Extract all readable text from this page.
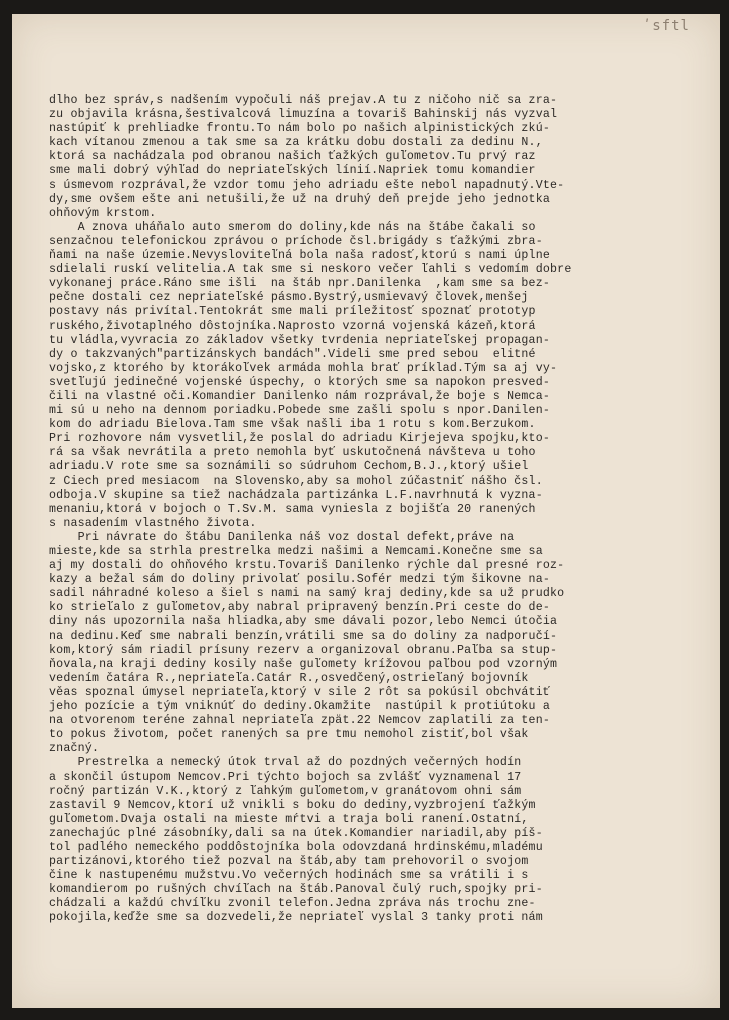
ʹsftl
dlho bez správ,s nadšením vypočuli náš prejav.A tu z ničoho nič sa zra-
zu objavila krásna,šestivalcová limuzína a tovariš Bahinskij nás vyzval
nastúpiť k prehliadke frontu.To nám bolo po našich alpinistických zkú-
kach vítanou zmenou a tak sme sa za krátku dobu dostali za dedinu N.,
ktorá sa nachádzala pod obranou našich ťažkých guľometov.Tu prvý raz
sme mali dobrý výhľad do nepriateľských línií.Napriek tomu komandier
s úsmevom rozprával,že vzdor tomu jeho adriadu ešte nebol napadnutý.Vte-
dy,sme ovšem ešte ani netušili,že už na druhý deň prejde jeho jednotka
ohňovým krstom.
A znova uháňalo auto smerom do doliny,kde nás na štábe čakali so
senzačnou telefonickou zprávou o príchode čsl.brigády s ťažkými zbra-
ňami na naše územie.Nevysloviteľná bola naša radosť,ktorú s nami úplne
sdielali ruskí velitelia.A tak sme si neskoro večer ľahli s vedomím dobre
vykonanej práce.Ráno sme išli  na štáb npr.Danilenka  ,kam sme sa bez-
pečne dostali cez nepriateľské pásmo.Bystrý,usmievavý človek,menšej
postavy nás privítal.Tentokrát sme mali príležitosť spoznať prototyp
ruského,životaplného dôstojníka.Naprosto vzorná vojenská kázeň,ktorá
tu vládla,vyvracia zo základov všetky tvrdenia nepriateľskej propagan-
dy o takzvaných"partizánskych bandách".Videli sme pred sebou  elitné
vojsko,z ktorého by ktorákoľvek armáda mohla brať príklad.Tým sa aj vy-
svetľujú jedinečné vojenské úspechy, o ktorých sme sa napokon presved-
čili na vlastné oči.Komandier Danilenko nám rozprával,že boje s Nemca-
mi sú u neho na dennom poriadku.Pobede sme zašli spolu s npor.Danilen-
kom do adriadu Bielova.Tam sme však našli iba 1 rotu s kom.Berzukom.
Pri rozhovore nám vysvetlil,že poslal do adriadu Kirjejeva spojku,kto-
rá sa však nevrátila a preto nemohla byť uskutočnená návšteva u toho
adriadu.V rote sme sa soznámili so súdruhom Čechom,B.J.,ktorý ušiel
z Čiech pred mesiacom  na Slovensko,aby sa mohol zúčastniť nášho čsl.
odboja.V skupine sa tiež nachádzala partizánka L.F.navrhnutá k vyzna-
menaniu,ktorá v bojoch o T.Sv.M. sama vyniesla z bojišťa 20 ranených
s nasadením vlastného života.
Pri návrate do štábu Danilenka náš voz dostal defekt,práve na
mieste,kde sa strhla prestrelka medzi našimi a Nemcami.Konečne sme sa
aj my dostali do ohňového krstu.Tovariš Danilenko rýchle dal presné roz-
kazy a bežal sám do doliny privolať posilu.Šofér medzi tým šikovne na-
sadil náhradné koleso a šiel s nami na samý kraj dediny,kde sa už prudko
ko strieľalo z guľometov,aby nabral pripravený benzín.Pri ceste do de-
diny nás upozornila naša hliadka,aby sme dávali pozor,lebo Nemci útočia
na dedinu.Keď sme nabrali benzín,vrátili sme sa do doliny za nadporučí-
kom,ktorý sám riadil prísuny rezerv a organizoval obranu.Paľba sa stup-
ňovala,na kraji dediny kosily naše guľomety krížovou paľbou pod vzorným
vedením čatára R.,nepriateľa.Čatár R.,osvedčený,ostrieľaný bojovník
věas spoznal úmysel nepriateľa,ktorý v sile 2 rôt sa pokúsil obchvátiť
jeho pozície a tým vniknúť do dediny.Okamžite  nastúpil k protiútoku a
na otvorenom teréne zahnal nepriateľa zpät.22 Nemcov zaplatili za ten-
to pokus životom, počet ranených sa pre tmu nemohol zistiť,bol však
značný.
Prestrelka a nemecký útok trval až do pozdných večerných hodín
a skončil ústupom Nemcov.Pri týchto bojoch sa zvlášť vyznamenal 17
ročný partizán V.K.,ktorý z ľahkým guľometom,v granátovom ohni sám
zastavil 9 Nemcov,ktorí už vnikli s boku do dediny,vyzbrojení ťažkým
guľometom.Dvaja ostali na mieste mŕtvi a traja boli ranení.Ostatní,
zanechajúc plné zásobníky,dali sa na útek.Komandier nariadil,aby píš-
tol padlého nemeckého poddôstojníka bola odovzdaná hrdinskému,mladému
partizánovi,ktorého tiež pozval na štáb,aby tam prehovoril o svojom
čine k nastupenému mužstvu.Vo večerných hodinách sme sa vrátili i s
komandierom po rušných chvíľach na štáb.Panoval čulý ruch,spojky pri-
chádzali a každú chvíľku zvonil telefon.Jedna zpráva nás trochu zne-
pokojila,keďže sme sa dozvedeli,že nepriateľ vyslal 3 tanky proti nám
